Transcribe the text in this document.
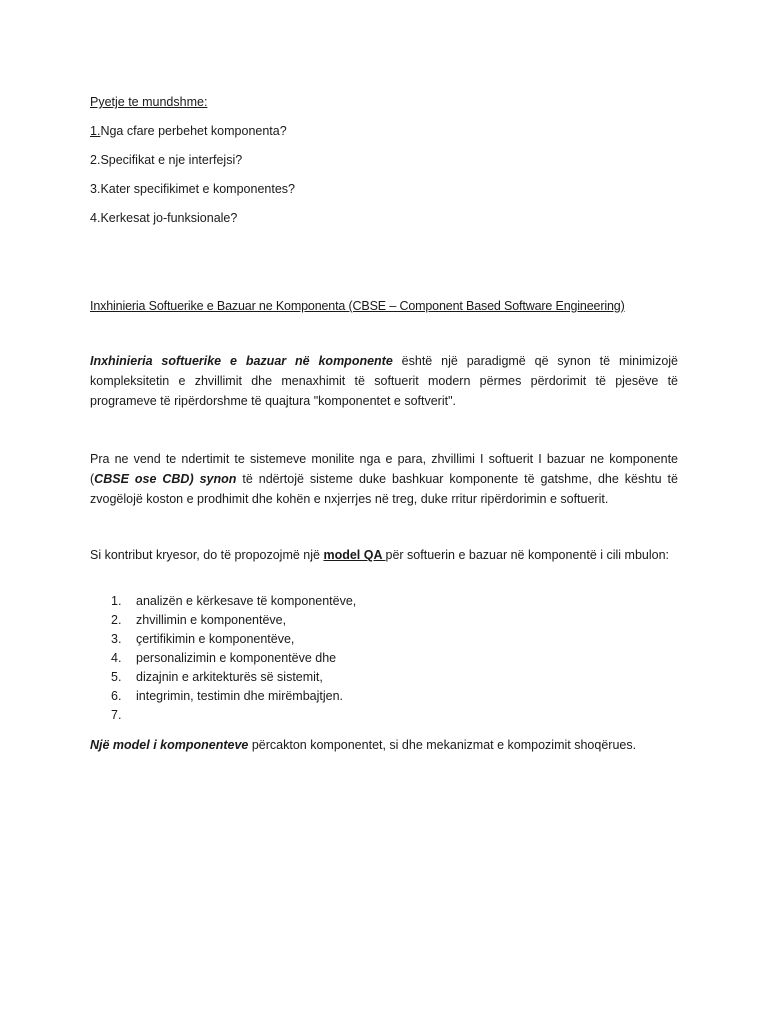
Pyetje te mundshme:

1.Nga cfare perbehet komponenta?

2.Specifikat e nje interfejsi?

3.Kater specifikimet e komponentes?

4.Kerkesat jo-funksionale?

Inxhinieria Softuerike e Bazuar ne Komponenta (CBSE – Component Based Software Engineering)

Inxhinieria softuerike e bazuar në komponente është një paradigmë që synon të minimizojë kompleksitetin e zhvillimit dhe menaxhimit të softuerit modern përmes përdorimit të pjesëve të programeve të ripërdorshme të quajtura "komponentet e softverit".

Pra ne vend te ndertimit te sistemeve monilite nga e para, zhvillimi I softuerit I bazuar ne komponente (CBSE ose CBD) synon të ndërtojë sisteme duke bashkuar komponente të gatshme, dhe kështu të zvogëlojë koston e prodhimit dhe kohën e nxjerrjes në treg, duke rritur ripërdorimin e softuerit.

Si kontribut kryesor, do të propozojmë një model QA për softuerin e bazuar në komponentë i cili mbulon:

1.	analizën e kërkesave të komponentëve,
2.	zhvillimin e komponentëve,
3.	çertifikimin e komponentëve,
4.	personalizimin e komponentëve dhe
5.	dizajnin e arkitekturës së sistemit,
6.	integrimin, testimin dhe mirëmbajtjen.
7.

Një model i komponenteve përcakton komponentet, si dhe mekanizmat e kompozimit shoqërues.
